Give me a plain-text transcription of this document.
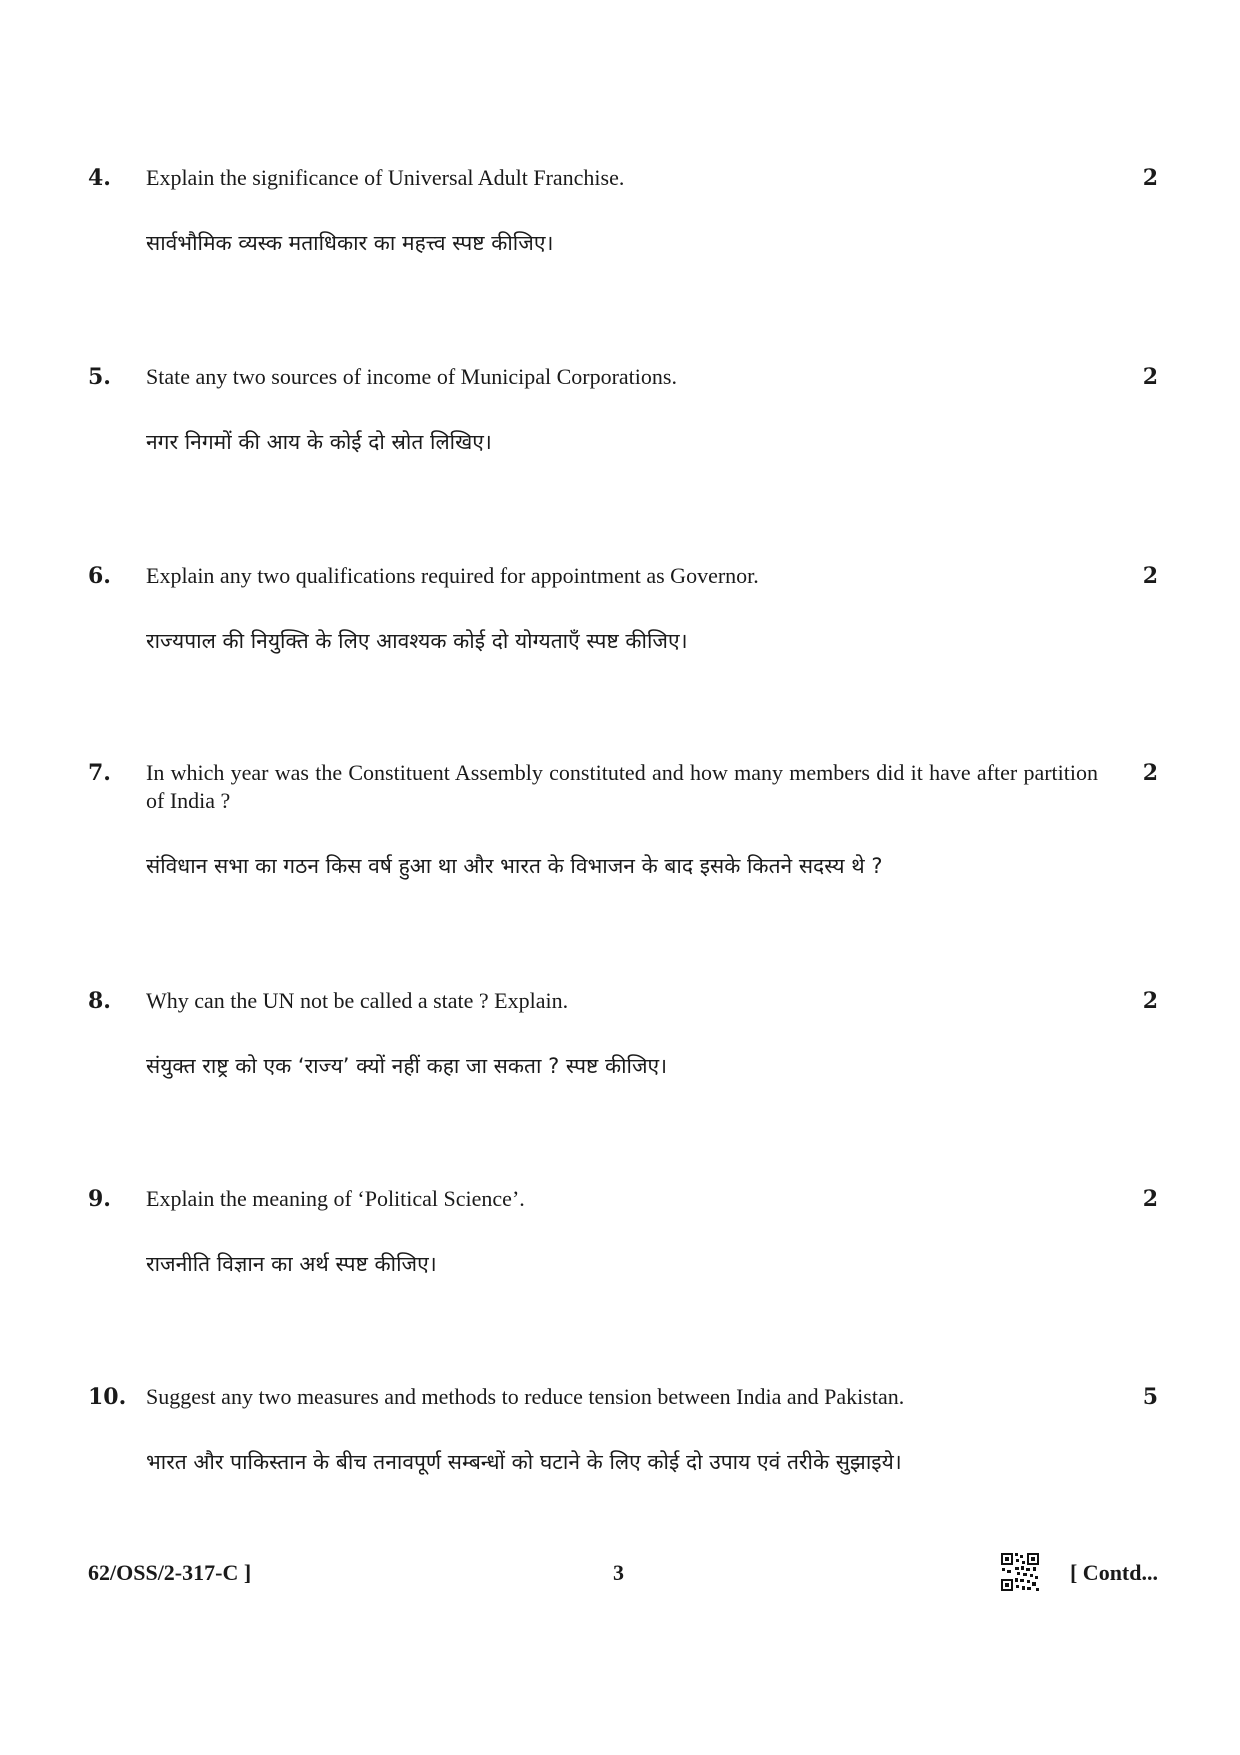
4.	Explain the significance of Universal Adult Franchise.	2
सार्वभौमिक व्यस्क मताधिकार का महत्त्व स्पष्ट कीजिए।
5.	State any two sources of income of Municipal Corporations.	2
नगर निगमों की आय के कोई दो स्रोत लिखिए।
6.	Explain any two qualifications required for appointment as Governor.	2
राज्यपाल की नियुक्ति के लिए आवश्यक कोई दो योग्यताएँ स्पष्ट कीजिए।
7.	In which year was the Constituent Assembly constituted and how many members did it have after partition of India ?
2
संविधान सभा का गठन किस वर्ष हुआ था और भारत के विभाजन के बाद इसके कितने सदस्य थे ?
8.	Why can the UN not be called a state ? Explain.	2
संयुक्त राष्ट्र को एक ‘राज्य’ क्यों नहीं कहा जा सकता ? स्पष्ट कीजिए।
9.	Explain the meaning of ‘Political Science’.	2
राजनीति विज्ञान का अर्थ स्पष्ट कीजिए।
10. Suggest any two measures and methods to reduce tension between India and Pakistan.	5
भारत और पाकिस्तान के बीच तनावपूर्ण सम्बन्धों को घटाने के लिए कोई दो उपाय एवं तरीके सुझाइये।
62/OSS/2-317-C ]	3	[ Contd...
